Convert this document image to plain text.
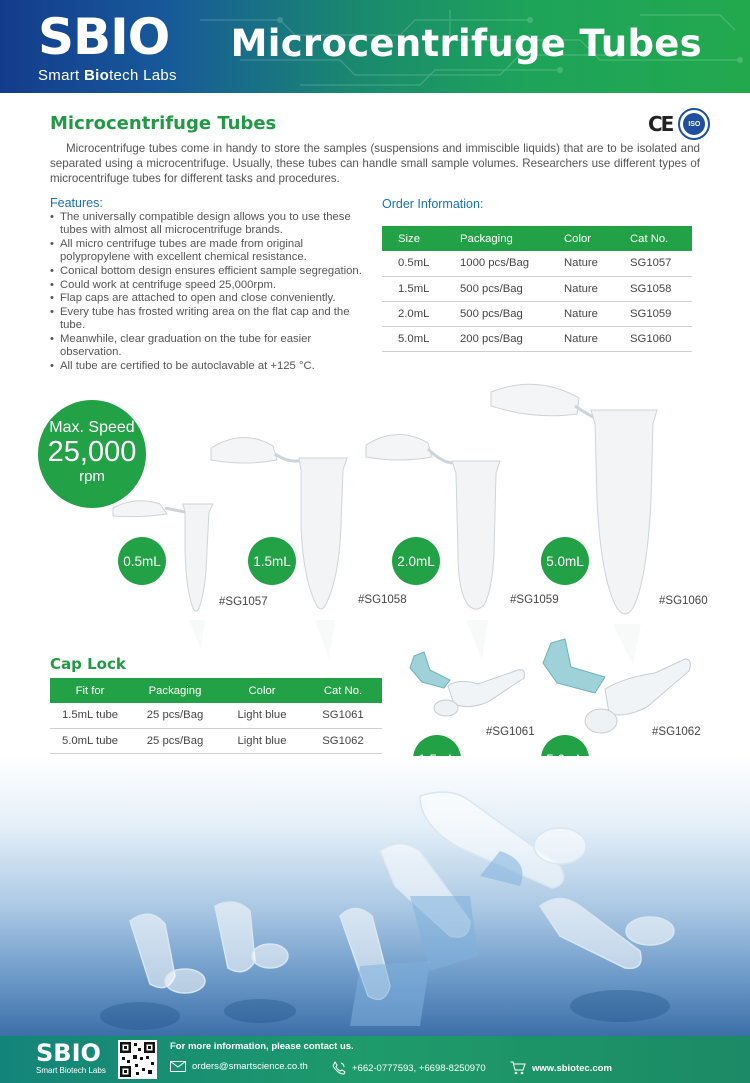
SBIO
Smart Biotech Labs
Microcentrifuge Tubes
Microcentrifuge Tubes	CE	ISO

Microcentrifuge tubes come in handy to store the samples (suspensions and immiscible liquids) that are to be isolated and separated using a microcentrifuge. Usually, these tubes can handle small sample volumes. Researchers use different types of microcentrifuge tubes for different tasks and procedures.

Features:
• The universally compatible design allows you to use these tubes with almost all microcentrifuge brands.
• All micro centrifuge tubes are made from original polypropylene with excellent chemical resistance.
• Conical bottom design ensures efficient sample segregation.
• Could work at centrifuge speed 25,000rpm.
• Flap caps are attached to open and close conveniently.
• Every tube has frosted writing area on the flat cap and the tube.
• Meanwhile, clear graduation on the tube for easier observation.
• All tube are certified to be autoclavable at +125 °C.
Order Information:
Size	Packaging	Color	Cat No.
0.5mL	1000 pcs/Bag	Nature	SG1057
1.5mL	500 pcs/Bag	Nature	SG1058
2.0mL	500 pcs/Bag	Nature	SG1059
5.0mL	200 pcs/Bag	Nature	SG1060
Max. Speed
25,000
rpm
0.5mL	1.5mL	2.0mL	5.0mL
#SG1057	#SG1058	#SG1059	#SG1060
Cap Lock
Fit for	Packaging	Color	Cat No.
1.5mL tube	25 pcs/Bag	Light blue	SG1061
5.0mL tube	25 pcs/Bag	Light blue	SG1062
#SG1061	#SG1062
SBIO
Smart Biotech Labs
For more information, please contact us.
orders@smartscience.co.th	+662-0777593, +6698-8250970	www.sbiotec.com
